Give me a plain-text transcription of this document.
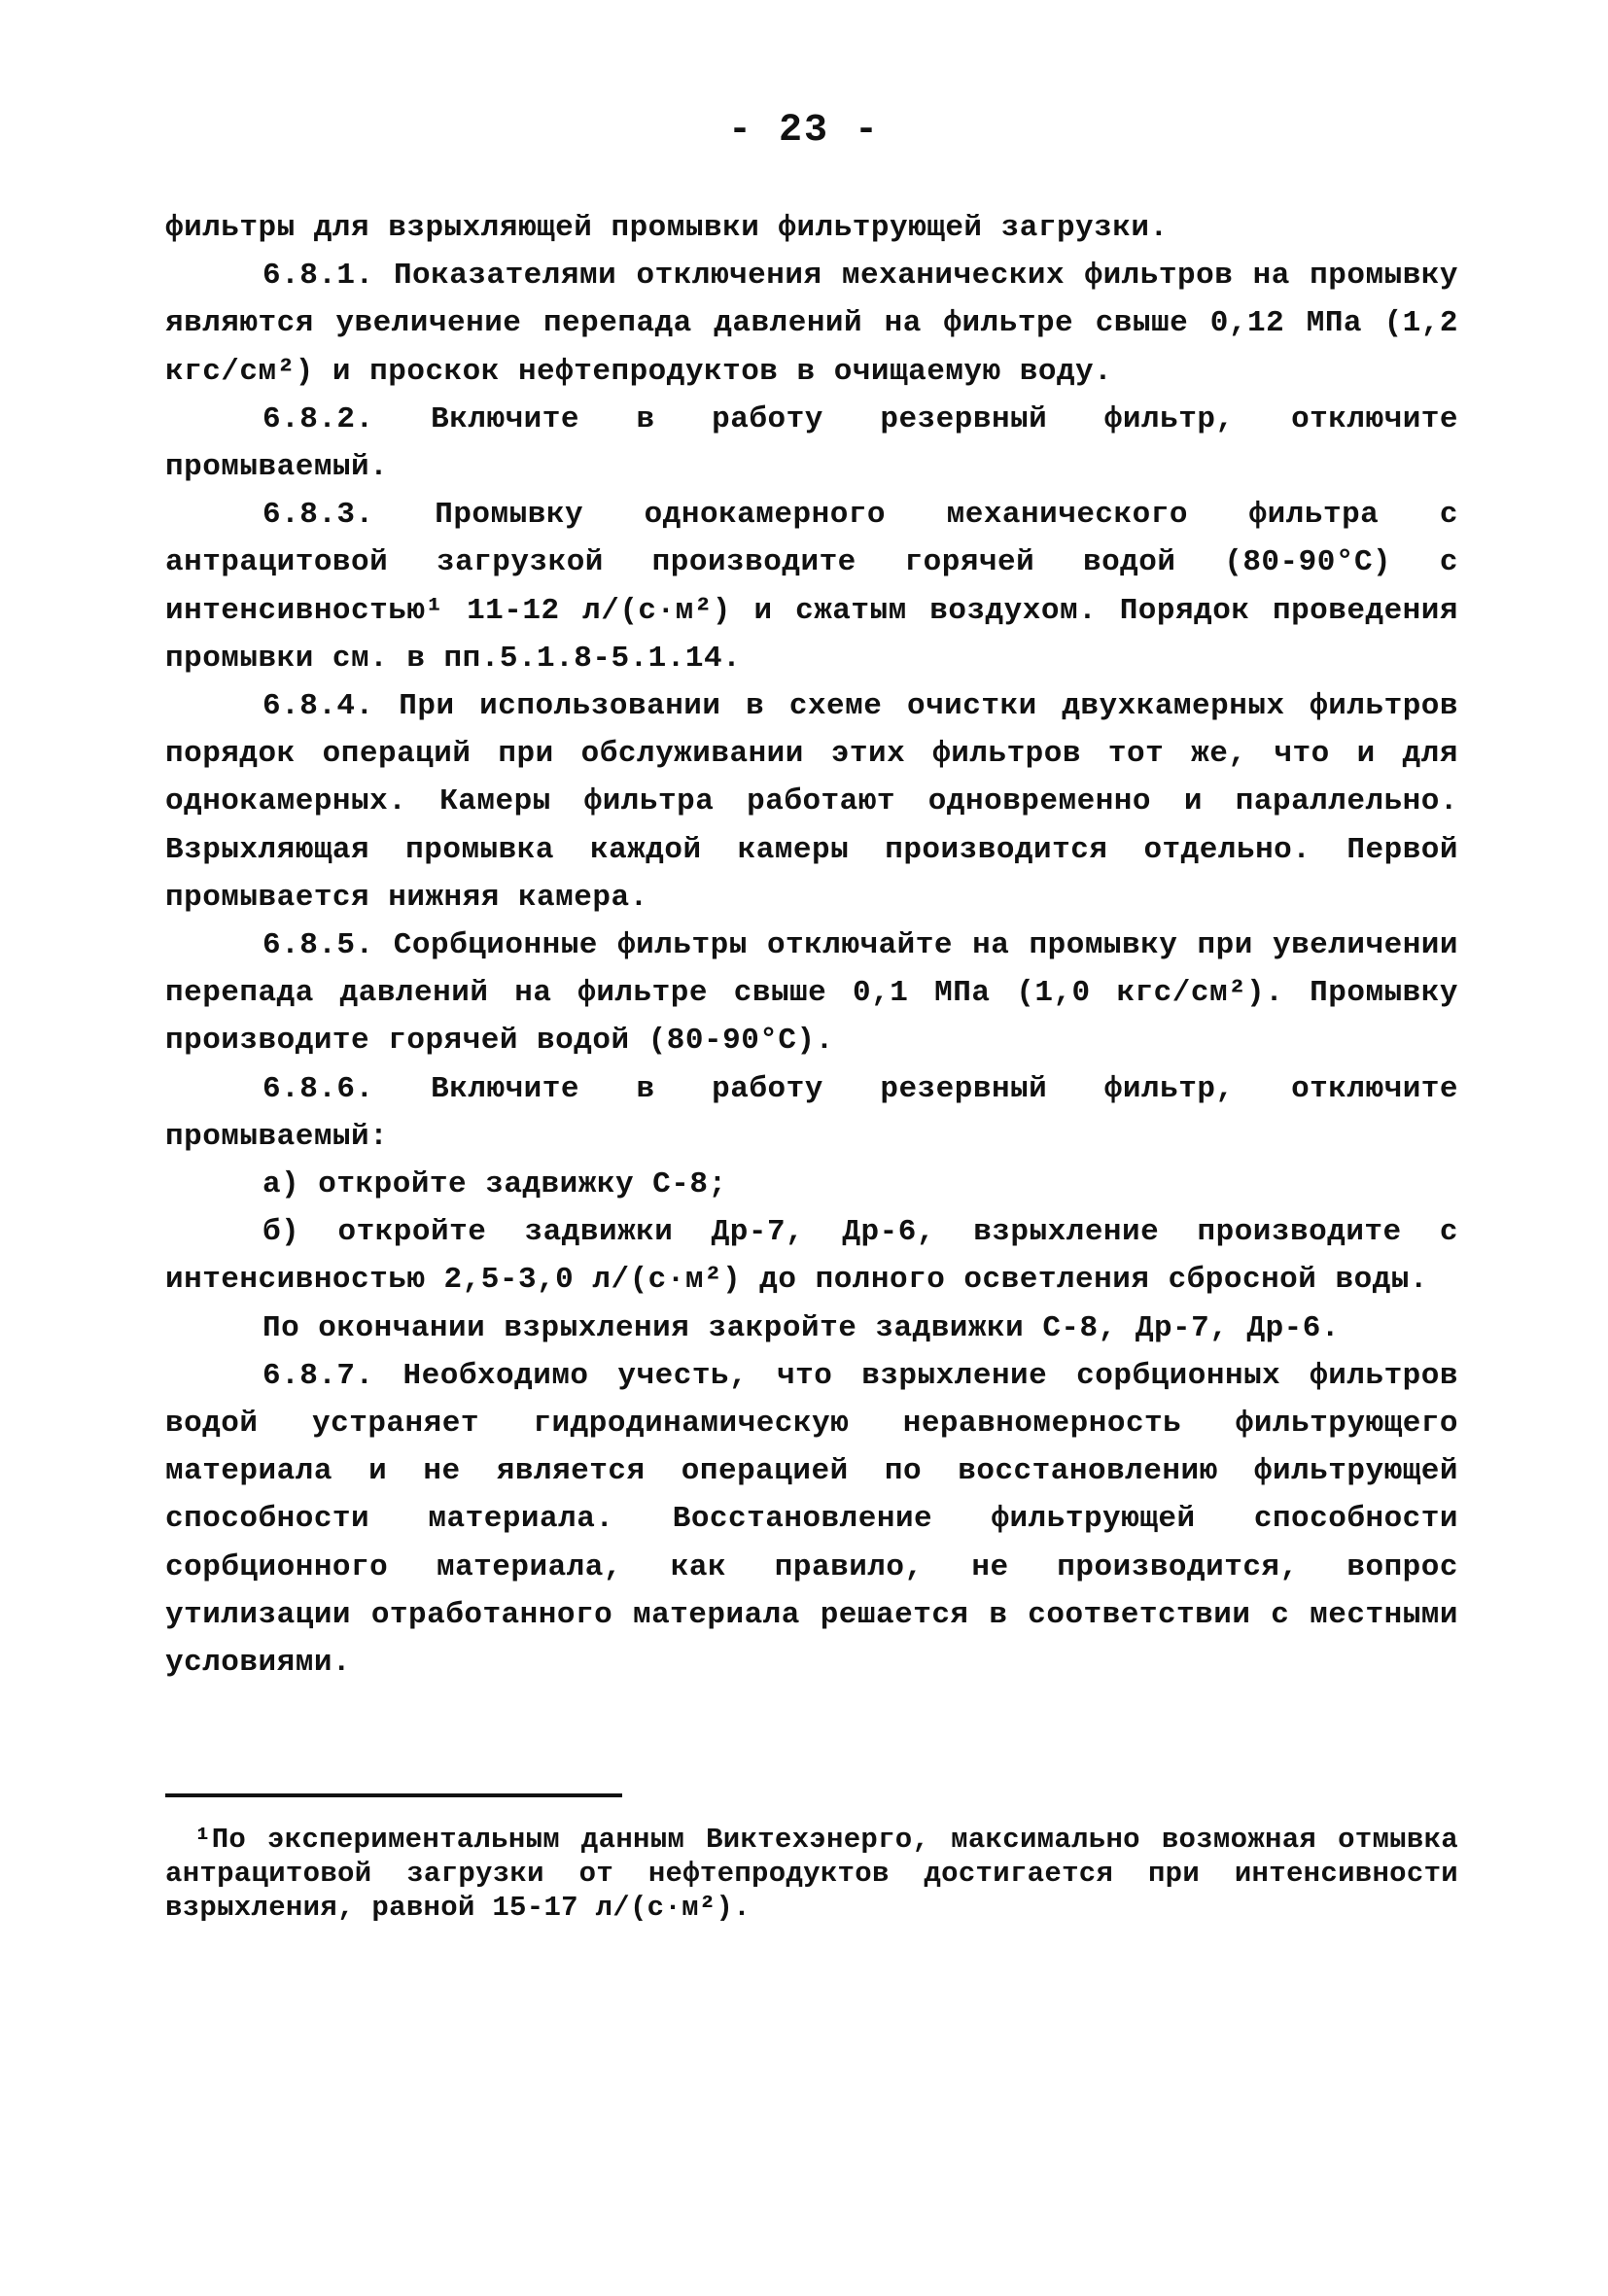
- 23 -

фильтры для взрыхляющей промывки фильтрующей загрузки.

6.8.1. Показателями отключения механических фильтров на промывку являются увеличение перепада давлений на фильтре свыше 0,12 МПа (1,2 кгс/см²) и проскок нефтепродуктов в очищаемую воду.

6.8.2. Включите в работу резервный фильтр, отключите промываемый.

6.8.3. Промывку однокамерного механического фильтра с антрацитовой загрузкой производите горячей водой (80-90°С) с интенсивностью¹ 11-12 л/(с·м²) и сжатым воздухом. Порядок проведения промывки см. в пп.5.1.8-5.1.14.

6.8.4. При использовании в схеме очистки двухкамерных фильтров порядок операций при обслуживании этих фильтров тот же, что и для однокамерных. Камеры фильтра работают одновременно и параллельно. Взрыхляющая промывка каждой камеры производится отдельно. Первой промывается нижняя камера.

6.8.5. Сорбционные фильтры отключайте на промывку при увеличении перепада давлений на фильтре свыше 0,1 МПа (1,0 кгс/см²). Промывку производите горячей водой (80-90°С).

6.8.6. Включите в работу резервный фильтр, отключите промываемый:

а) откройте задвижку С-8;

б) откройте задвижки Др-7, Др-6, взрыхление производите с интенсивностью 2,5-3,0 л/(с·м²) до полного осветления сбросной воды.

По окончании взрыхления закройте задвижки С-8, Др-7, Др-6.

6.8.7. Необходимо учесть, что взрыхление сорбционных фильтров водой устраняет гидродинамическую неравномерность фильтрующего материала и не является операцией по восстановлению фильтрующей способности материала. Восстановление фильтрующей способности сорбционного материала, как правило, не производится, вопрос утилизации отработанного материала решается в соответствии с местными условиями.

¹По экспериментальным данным Виктехэнерго, максимально возможная отмывка антрацитовой загрузки от нефтепродуктов достигается при интенсивности взрыхления, равной 15-17 л/(с·м²).
